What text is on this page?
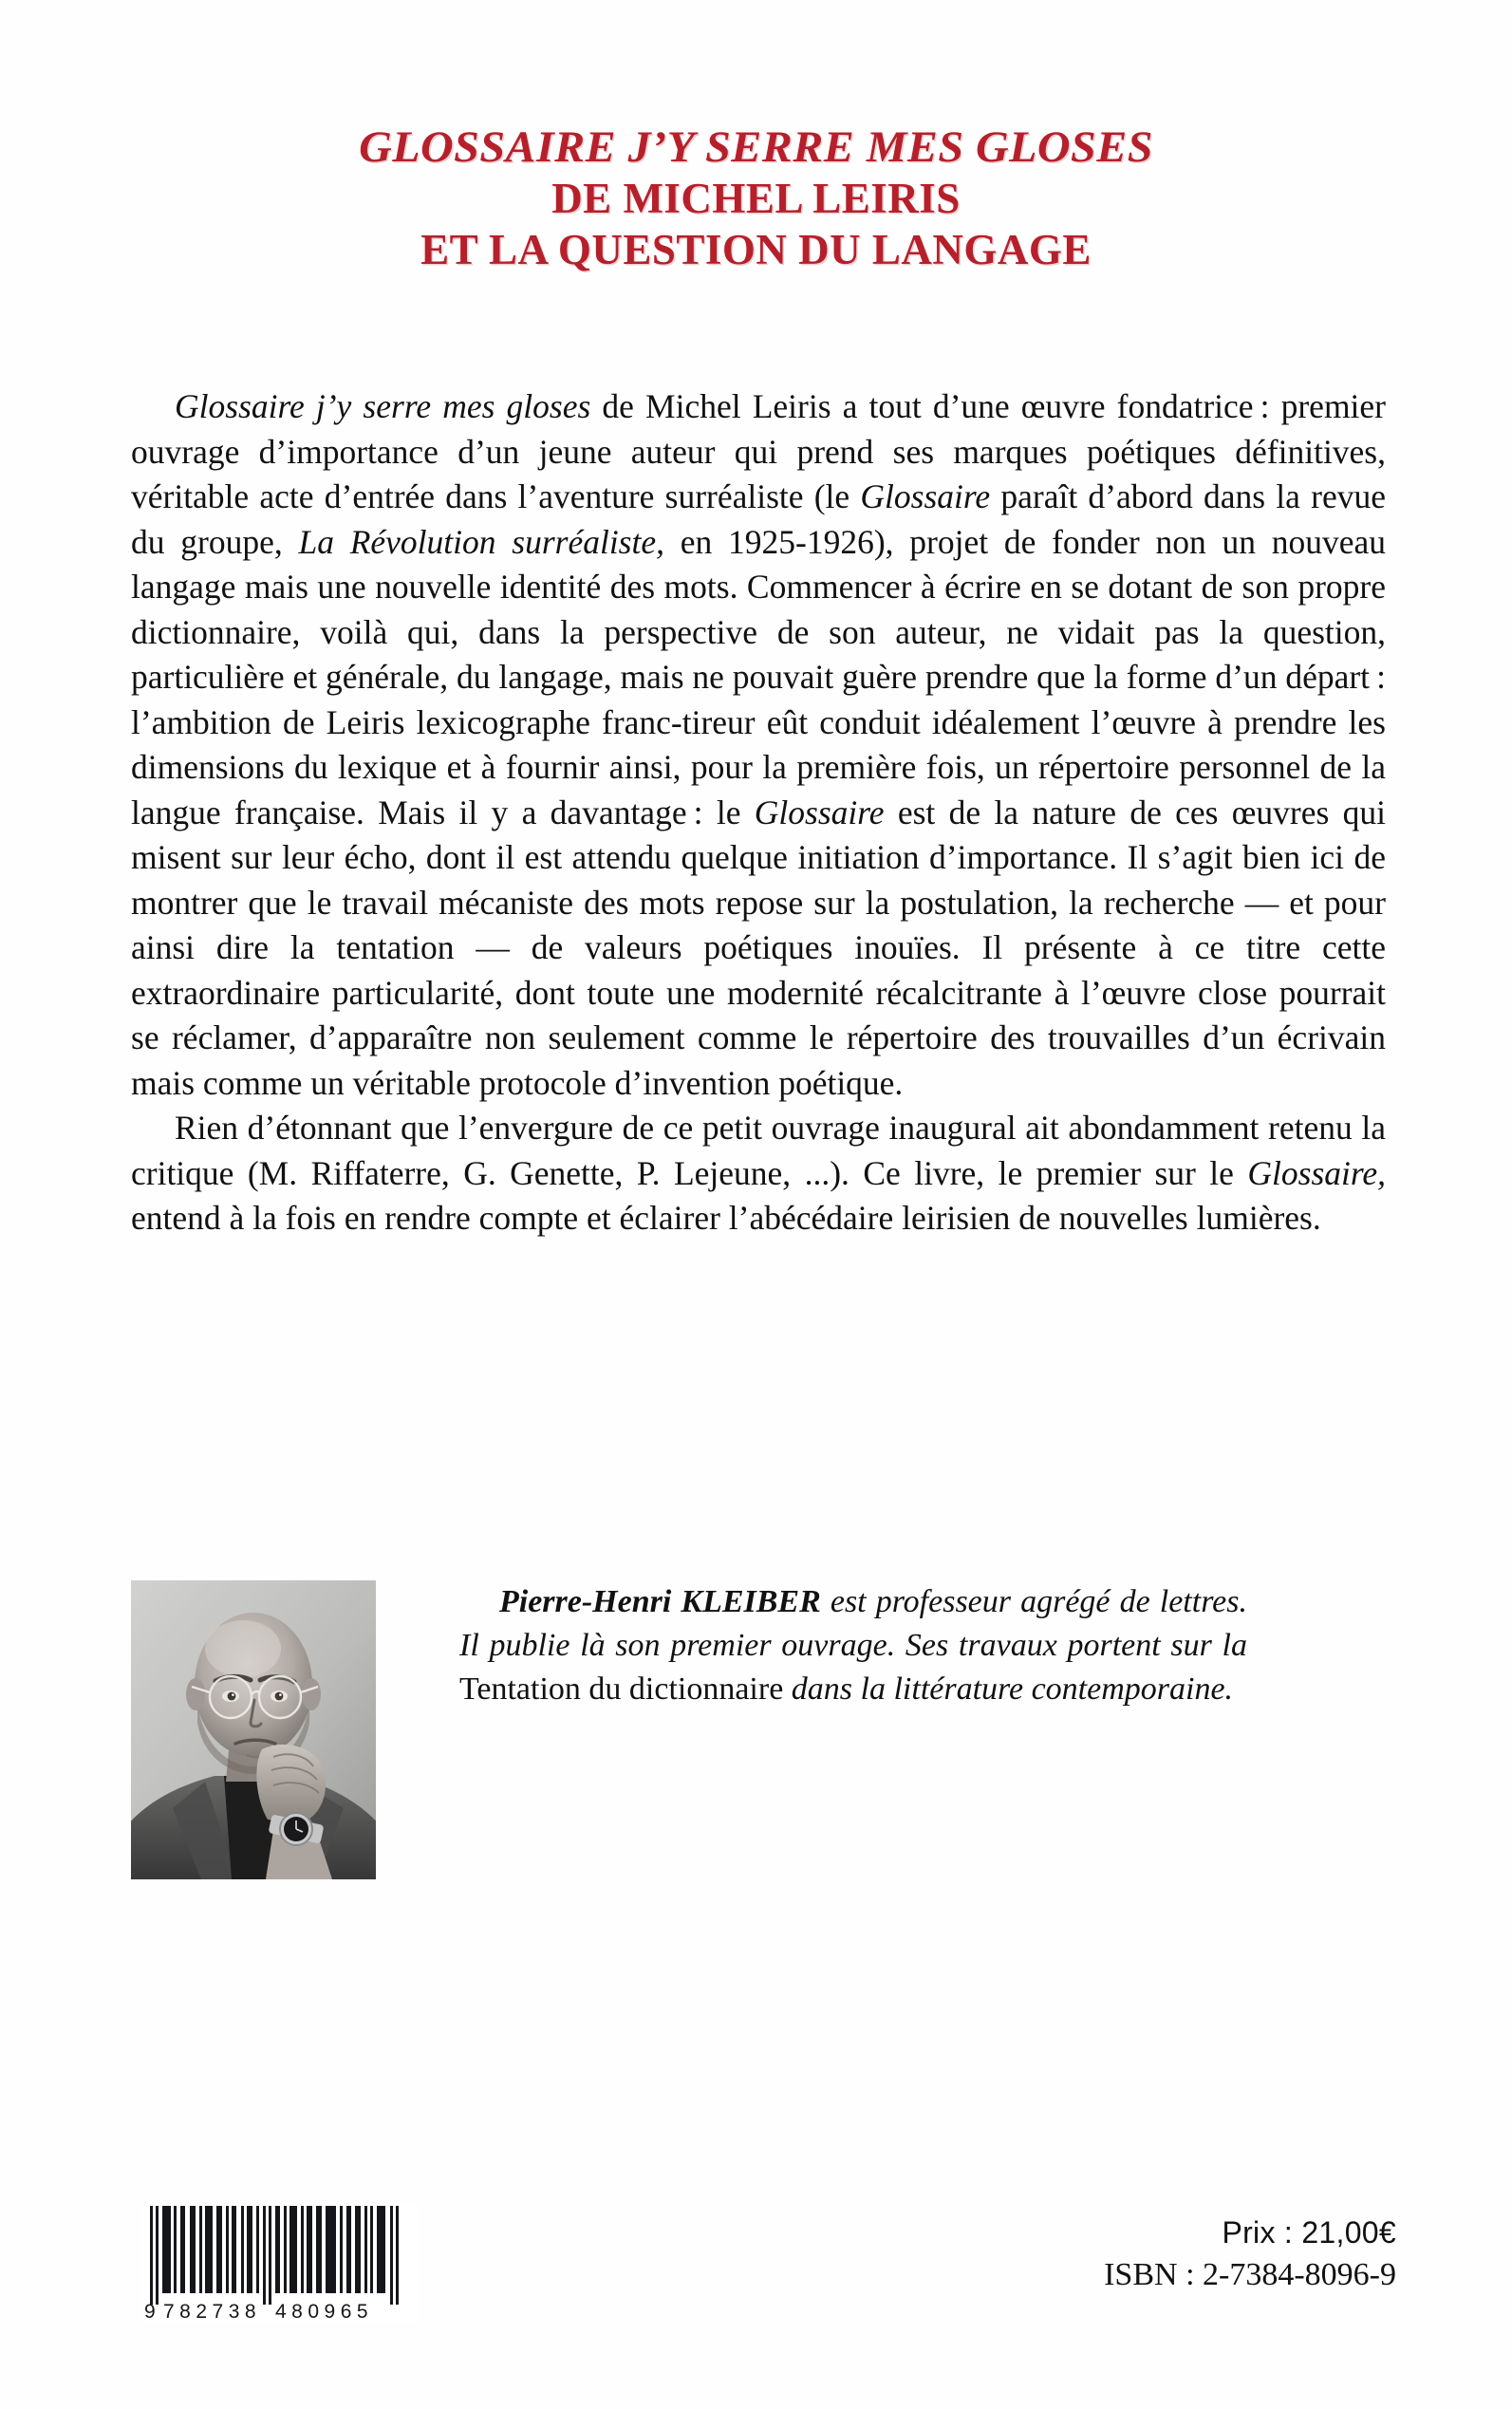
GLOSSAIRE J’Y SERRE MES GLOSES
DE MICHEL LEIRIS
ET LA QUESTION DU LANGAGE

Glossaire j’y serre mes gloses de Michel Leiris a tout d’une œuvre fondatrice : premier ouvrage d’importance d’un jeune auteur qui prend ses marques poétiques définitives, véritable acte d’entrée dans l’aventure surréaliste (le Glossaire paraît d’abord dans la revue du groupe, La Révolution surréaliste, en 1925-1926), projet de fonder non un nouveau langage mais une nouvelle identité des mots. Commencer à écrire en se dotant de son propre dictionnaire, voilà qui, dans la perspective de son auteur, ne vidait pas la question, particulière et générale, du langage, mais ne pouvait guère prendre que la forme d’un départ : l’ambition de Leiris lexicographe franc-tireur eût conduit idéalement l’œuvre à prendre les dimensions du lexique et à fournir ainsi, pour la première fois, un répertoire personnel de la langue française. Mais il y a davantage : le Glossaire est de la nature de ces œuvres qui misent sur leur écho, dont il est attendu quelque initiation d’importance. Il s’agit bien ici de montrer que le travail mécaniste des mots repose sur la postulation, la recherche — et pour ainsi dire la tentation — de valeurs poétiques inouïes. Il présente à ce titre cette extraordinaire particularité, dont toute une modernité récalcitrante à l’œuvre close pourrait se réclamer, d’apparaître non seulement comme le répertoire des trouvailles d’un écrivain mais comme un véritable protocole d’invention poétique.

Rien d’étonnant que l’envergure de ce petit ouvrage inaugural ait abondamment retenu la critique (M. Riffaterre, G. Genette, P. Lejeune, ...). Ce livre, le premier sur le Glossaire, entend à la fois en rendre compte et éclairer l’abécédaire leirisien de nouvelles lumières.

Pierre-Henri KLEIBER est professeur agrégé de lettres. Il publie là son premier ouvrage. Ses travaux portent sur la Tentation du dictionnaire dans la littérature contemporaine.

9 782738 480965
Prix : 21,00€
ISBN : 2-7384-8096-9
